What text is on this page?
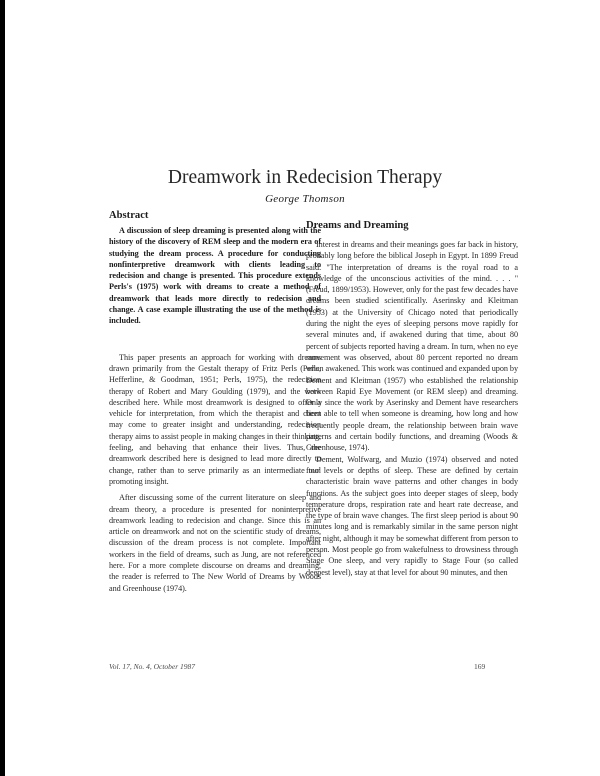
Dreamwork in Redecision Therapy

George Thomson

Abstract

A discussion of sleep dreaming is presented along with the history of the discovery of REM sleep and the modern era of studying the dream process. A procedure for conducting nonfinterpretive dreamwork with clients leading to redecision and change is presented. This procedure extends Perls's (1975) work with dreams to create a method of dreamwork that leads more directly to redecision and change. A case example illustrating the use of the method is included.

This paper presents an approach for working with dreams drawn primarily from the Gestalt therapy of Fritz Perls (Perls, Hefferline, & Goodman, 1951; Perls, 1975), the redecision therapy of Robert and Mary Goulding (1979), and the work described here. While most dreamwork is designed to offer a vehicle for interpretation, from which the therapist and client may come to greater insight and understanding, redecision therapy aims to assist people in making changes in their thinking, feeling, and behaving that enhance their lives. Thus, the dreamwork described here is designed to lead more directly to change, rather than to serve primarily as an intermediate tool promoting insight.

After discussing some of the current literature on sleep and dream theory, a procedure is presented for noninterpretive dreamwork leading to redecision and change. Since this is an article on dreamwork and not on the scientific study of dreams, discussion of the dream process is not complete. Important workers in the field of dreams, such as Jung, are not referenced here. For a more complete discourse on dreams and dreaming, the reader is referred to The New World of Dreams by Woods and Greenhouse (1974).

Dreams and Dreaming

Interest in dreams and their meanings goes far back in history, probably long before the biblical Joseph in Egypt. In 1899 Freud said: "The interpretation of dreams is the royal road to a knowledge of the unconscious activities of the mind. . . . " (Freud, 1899/1953). However, only for the past few decades have dreams been studied scientifically. Aserinsky and Kleitman (1953) at the University of Chicago noted that periodically during the night the eyes of sleeping persons move rapidly for several minutes and, if awakened during that time, about 80 percent of subjects reported having a dream. In turn, when no eye movement was observed, about 80 percent reported no dream when awakened. This work was continued and expanded upon by Dement and Kleitman (1957) who established the relationship between Rapid Eye Movement (or REM sleep) and dreaming. Only since the work by Aserinsky and Dement have researchers been able to tell when someone is dreaming, how long and how frequently people dream, the relationship between brain wave patterns and certain bodily functions, and dreaming (Woods & Greenhouse, 1974).

Dement, Wolfwarg, and Muzio (1974) observed and noted four levels or depths of sleep. These are defined by certain characteristic brain wave patterns and other changes in body functions. As the subject goes into deeper stages of sleep, body temperature drops, respiration rate and heart rate decrease, and the type of brain wave changes. The first sleep period is about 90 minutes long and is remarkably similar in the same person night after night, although it may be somewhat different from person to person. Most people go from wakefulness to drowsiness through Stage One sleep, and very rapidly to Stage Four (so called deepest level), stay at that level for about 90 minutes, and then

Vol. 17, No. 4, October 1987	169
